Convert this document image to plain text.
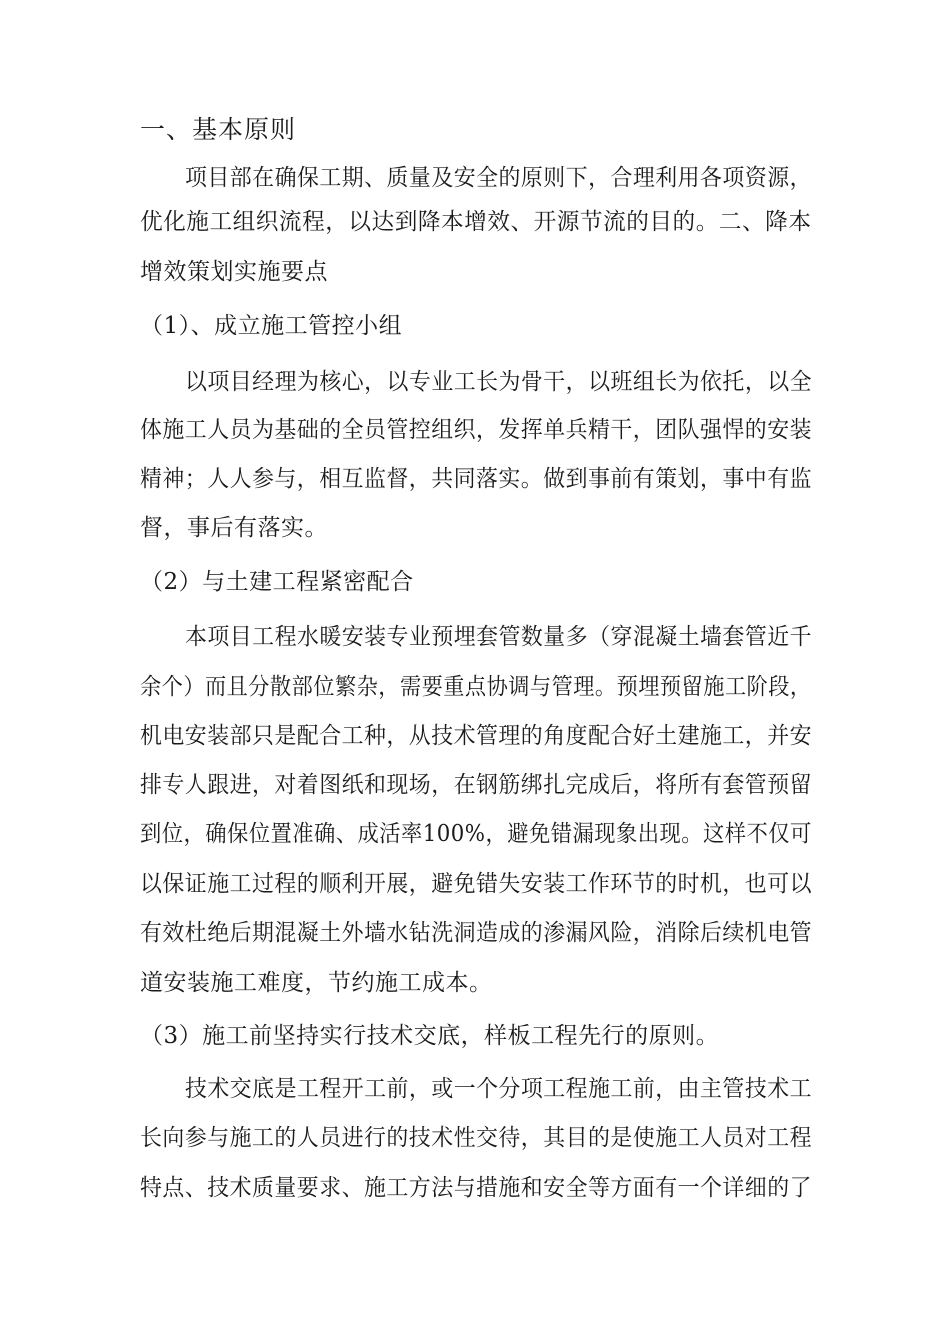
一、基本原则
项目部在确保工期、质量及安全的原则下，合理利用各项资源，
优化施工组织流程，以达到降本增效、开源节流的目的。二、降本
增效策划实施要点
（1）、成立施工管控小组
以项目经理为核心，以专业工长为骨干，以班组长为依托，以全
体施工人员为基础的全员管控组织，发挥单兵精干，团队强悍的安装
精神；人人参与，相互监督，共同落实。做到事前有策划，事中有监
督，事后有落实。
（2）与土建工程紧密配合
本项目工程水暖安装专业预埋套管数量多（穿混凝土墙套管近千
余个）而且分散部位繁杂，需要重点协调与管理。预埋预留施工阶段，
机电安装部只是配合工种，从技术管理的角度配合好土建施工，并安
排专人跟进，对着图纸和现场，在钢筋绑扎完成后，将所有套管预留
到位，确保位置准确、成活率100%，避免错漏现象出现。这样不仅可
以保证施工过程的顺利开展，避免错失安装工作环节的时机，也可以
有效杜绝后期混凝土外墙水钻洗洞造成的渗漏风险，消除后续机电管
道安装施工难度，节约施工成本。
（3）施工前坚持实行技术交底，样板工程先行的原则。
技术交底是工程开工前，或一个分项工程施工前，由主管技术工
长向参与施工的人员进行的技术性交待，其目的是使施工人员对工程
特点、技术质量要求、施工方法与措施和安全等方面有一个详细的了
